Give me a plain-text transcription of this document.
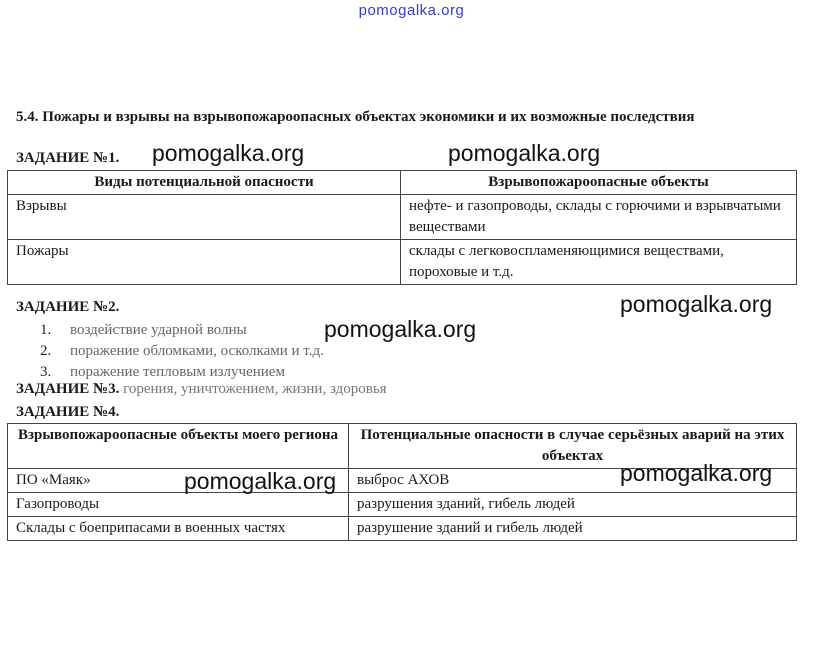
pomogalka.org
5.4. Пожары и взрывы на взрывопожароопасных объектах экономики и их возможные последствия
ЗАДАНИЕ №1.
Виды потенциальной опасности	Взрывопожароопасные объекты
Взрывы	нефте- и газопроводы, склады с горючими и взрывчатыми веществами
Пожары	склады с легковоспламеняющимися веществами, пороховые и т.д.
ЗАДАНИЕ №2.
1. воздействие ударной волны
2. поражение обломками, осколками и т.д.
3. поражение тепловым излучением
ЗАДАНИЕ №3. горения, уничтожением, жизни, здоровья
ЗАДАНИЕ №4.
Взрывопожароопасные объекты моего региона	Потенциальные опасности в случае серьёзных аварий на этих объектах
ПО «Маяк»	выброс АХОВ
Газопроводы	разрушения зданий, гибель людей
Склады с боеприпасами в военных частях	разрушение зданий и гибель людей
pomogalka.org	pomogalka.org
pomogalka.org
pomogalka.org
pomogalka.org
pomogalka.org
